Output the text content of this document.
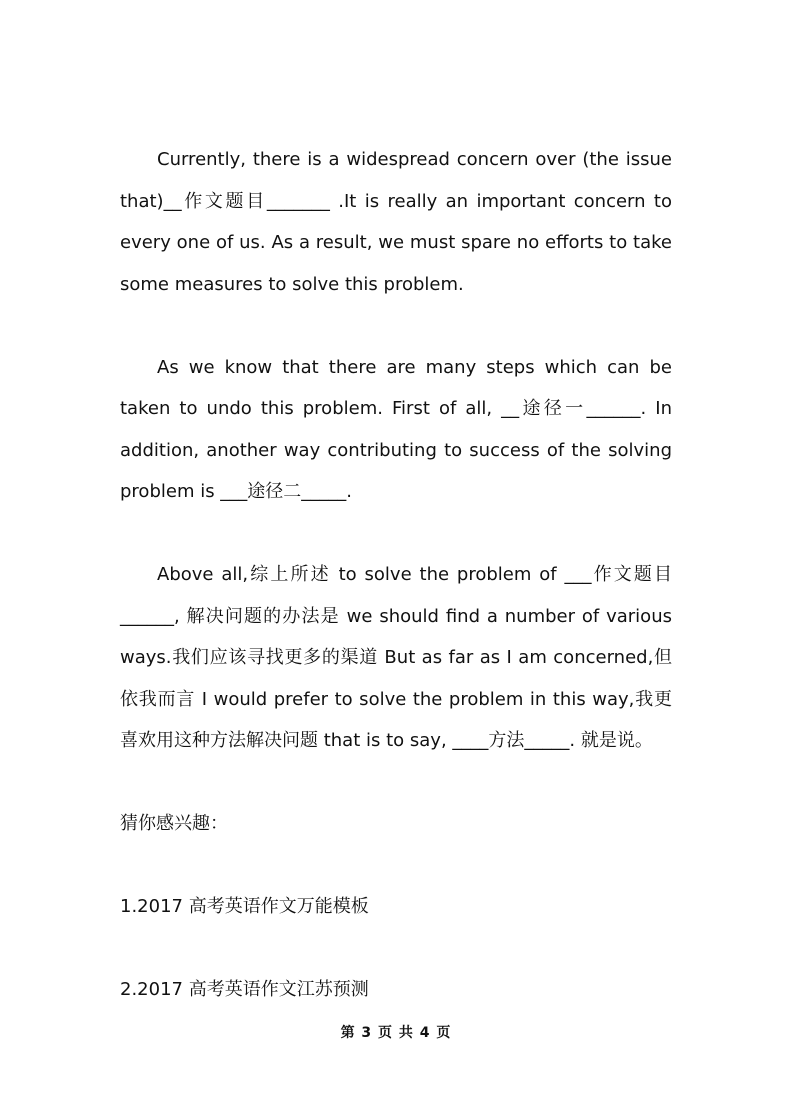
Currently, there is a widespread concern over (the issue that)__作文题目_______ .It is really an important concern to every one of us. As a result, we must spare no efforts to take some measures to solve this problem.

As we know that there are many steps which can be taken to undo this problem. First of all, __途径一______. In addition, another way contributing to success of the solving problem is ___途径二_____.

Above all,综上所述 to solve the problem of ___作文题目______, 解决问题的办法是 we should find a number of various ways.我们应该寻找更多的渠道 But as far as I am concerned,但依我而言 I would prefer to solve the problem in this way,我更喜欢用这种方法解决问题 that is to say, ____方法_____. 就是说。

猜你感兴趣：

1.2017 高考英语作文万能模板

2.2017 高考英语作文江苏预测

第 3 页 共 4 页
